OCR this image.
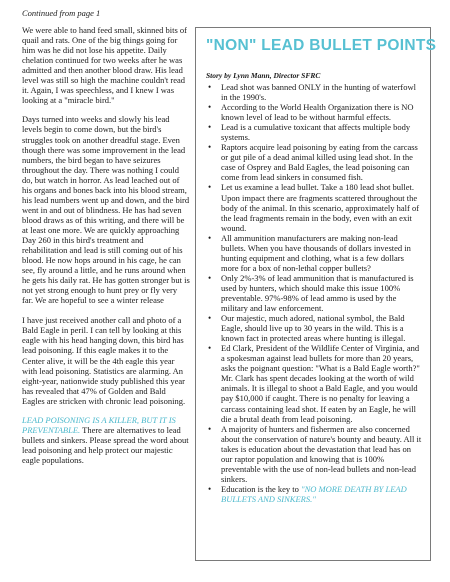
Continued from page 1

We were able to hand feed small, skinned bits of quail and rats. One of the big things going for him was he did not lose his appetite. Daily chelation continued for two weeks after he was admitted and then another blood draw. His lead level was still so high the machine couldn't read it. Again, I was speechless, and I knew I was looking at a "miracle bird."

Days turned into weeks and slowly his lead levels begin to come down, but the bird's struggles took on another dreadful stage. Even though there was some improvement in the lead numbers, the bird began to have seizures throughout the day. There was nothing I could do, but watch in horror. As lead leached out of his organs and bones back into his blood stream, his lead numbers went up and down, and the bird went in and out of blindness. He has had seven blood draws as of this writing, and there will be at least one more. We are quickly approaching Day 260 in this bird's treatment and rehabilitation and lead is still coming out of his blood. He now hops around in his cage, he can see, fly around a little, and he runs around when he gets his daily rat. He has gotten stronger but is not yet strong enough to hunt prey or fly very far. We are hopeful to see a winter release

I have just received another call and photo of a Bald Eagle in peril. I can tell by looking at this eagle with his head hanging down, this bird has lead poisoning. If this eagle makes it to the Center alive, it will be the 4th eagle this year with lead poisoning. Statistics are alarming. An eight-year, nationwide study published this year has revealed that 47% of Golden and Bald Eagles are stricken with chronic lead poisoning.

LEAD POISONING IS A KILLER, BUT IT IS PREVENTABLE. There are alternatives to lead bullets and sinkers. Please spread the word about lead poisoning and help protect our majestic eagle populations.

"NON" LEAD BULLET POINTS

Story by Lynn Mann, Director SFRC

• Lead shot was banned ONLY in the hunting of waterfowl in the 1990's.
• According to the World Health Organization there is NO known level of lead to be without harmful effects.
• Lead is a cumulative toxicant that affects multiple body systems.
• Raptors acquire lead poisoning by eating from the carcass or gut pile of a dead animal killed using lead shot. In the case of Osprey and Bald Eagles, the lead poisoning can come from lead sinkers in consumed fish.
• Let us examine a lead bullet. Take a 180 lead shot bullet. Upon impact there are fragments scattered throughout the body of the animal. In this scenario, approximately half of the lead fragments remain in the body, even with an exit wound.
• All ammunition manufacturers are making non-lead bullets. When you have thousands of dollars invested in hunting equipment and clothing, what is a few dollars more for a box of non-lethal copper bullets?
• Only 2%-3% of lead ammunition that is manufactured is used by hunters, which should make this issue 100% preventable. 97%-98% of lead ammo is used by the military and law enforcement.
• Our majestic, much adored, national symbol, the Bald Eagle, should live up to 30 years in the wild. This is a known fact in protected areas where hunting is illegal.
• Ed Clark, President of the Wildlife Center of Virginia, and a spokesman against lead bullets for more than 20 years, asks the poignant question: "What is a Bald Eagle worth?" Mr. Clark has spent decades looking at the worth of wild animals. It is illegal to shoot a Bald Eagle, and you would pay $10,000 if caught. There is no penalty for leaving a carcass containing lead shot. If eaten by an Eagle, he will die a brutal death from lead poisoning.
• A majority of hunters and fishermen are also concerned about the conservation of nature's bounty and beauty. All it takes is education about the devastation that lead has on our raptor population and knowing that is 100% preventable with the use of non-lead bullets and non-lead sinkers.
• Education is the key to "NO MORE DEATH BY LEAD BULLETS AND SINKERS."
